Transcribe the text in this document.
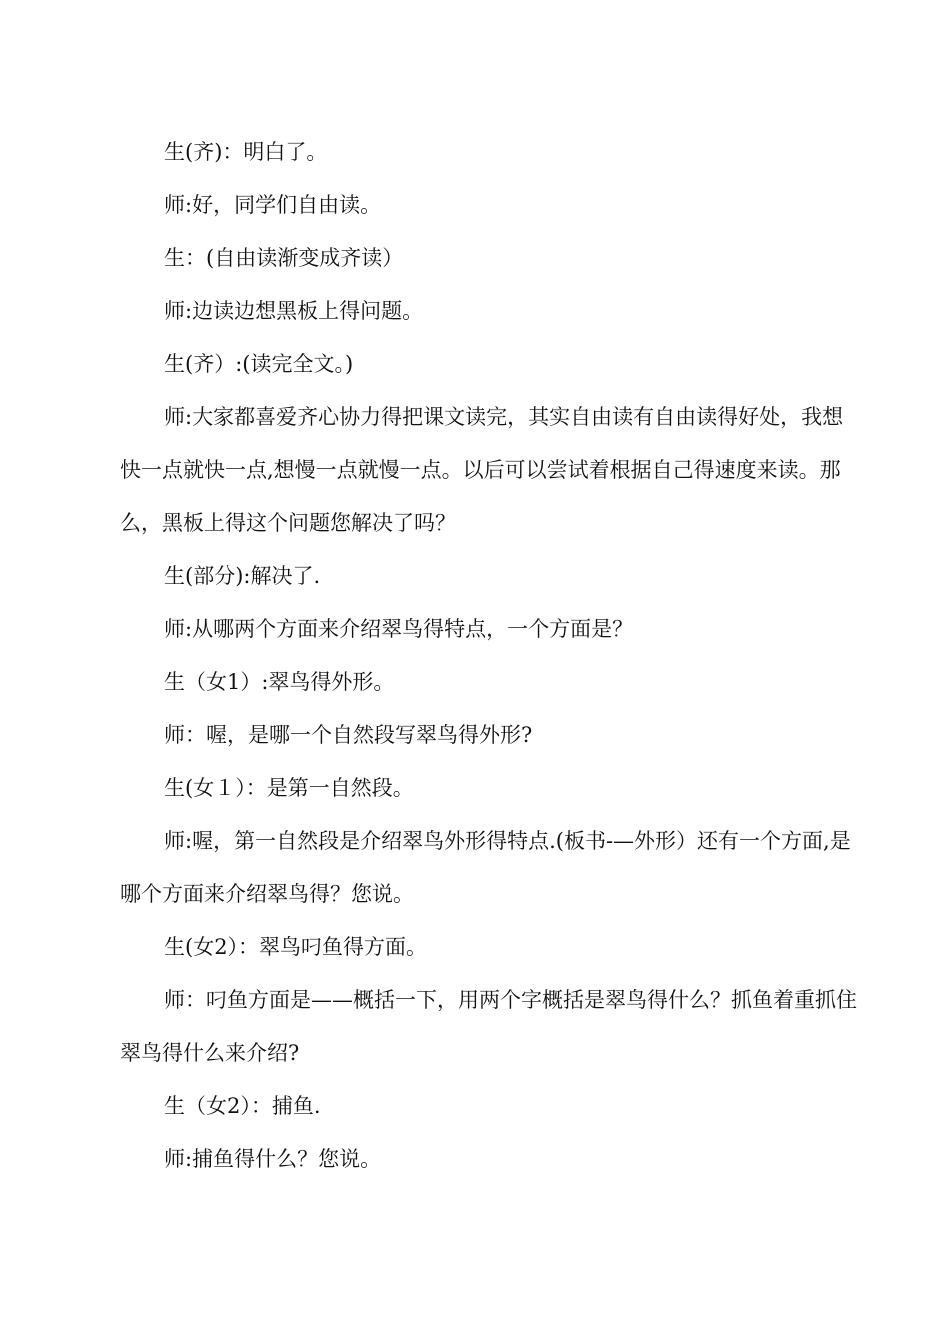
生(齐)：明白了。

师:好，同学们自由读。

生：(自由读渐变成齐读）

师:边读边想黑板上得问题。

生(齐）:(读完全文。)

师:大家都喜爱齐心协力得把课文读完，其实自由读有自由读得好处，我想快一点就快一点,想慢一点就慢一点。以后可以尝试着根据自己得速度来读。那么，黑板上得这个问题您解决了吗？

生(部分):解决了.

师:从哪两个方面来介绍翠鸟得特点，一个方面是？

生（女1）:翠鸟得外形。

师：喔，是哪一个自然段写翠鸟得外形?

生(女１）：是第一自然段。

师:喔，第一自然段是介绍翠鸟外形得特点.(板书-—外形）还有一个方面,是哪个方面来介绍翠鸟得？您说。

生(女2）：翠鸟叼鱼得方面。

师：叼鱼方面是——概括一下，用两个字概括是翠鸟得什么？抓鱼着重抓住翠鸟得什么来介绍?

生（女2）：捕鱼.

师:捕鱼得什么？您说。
